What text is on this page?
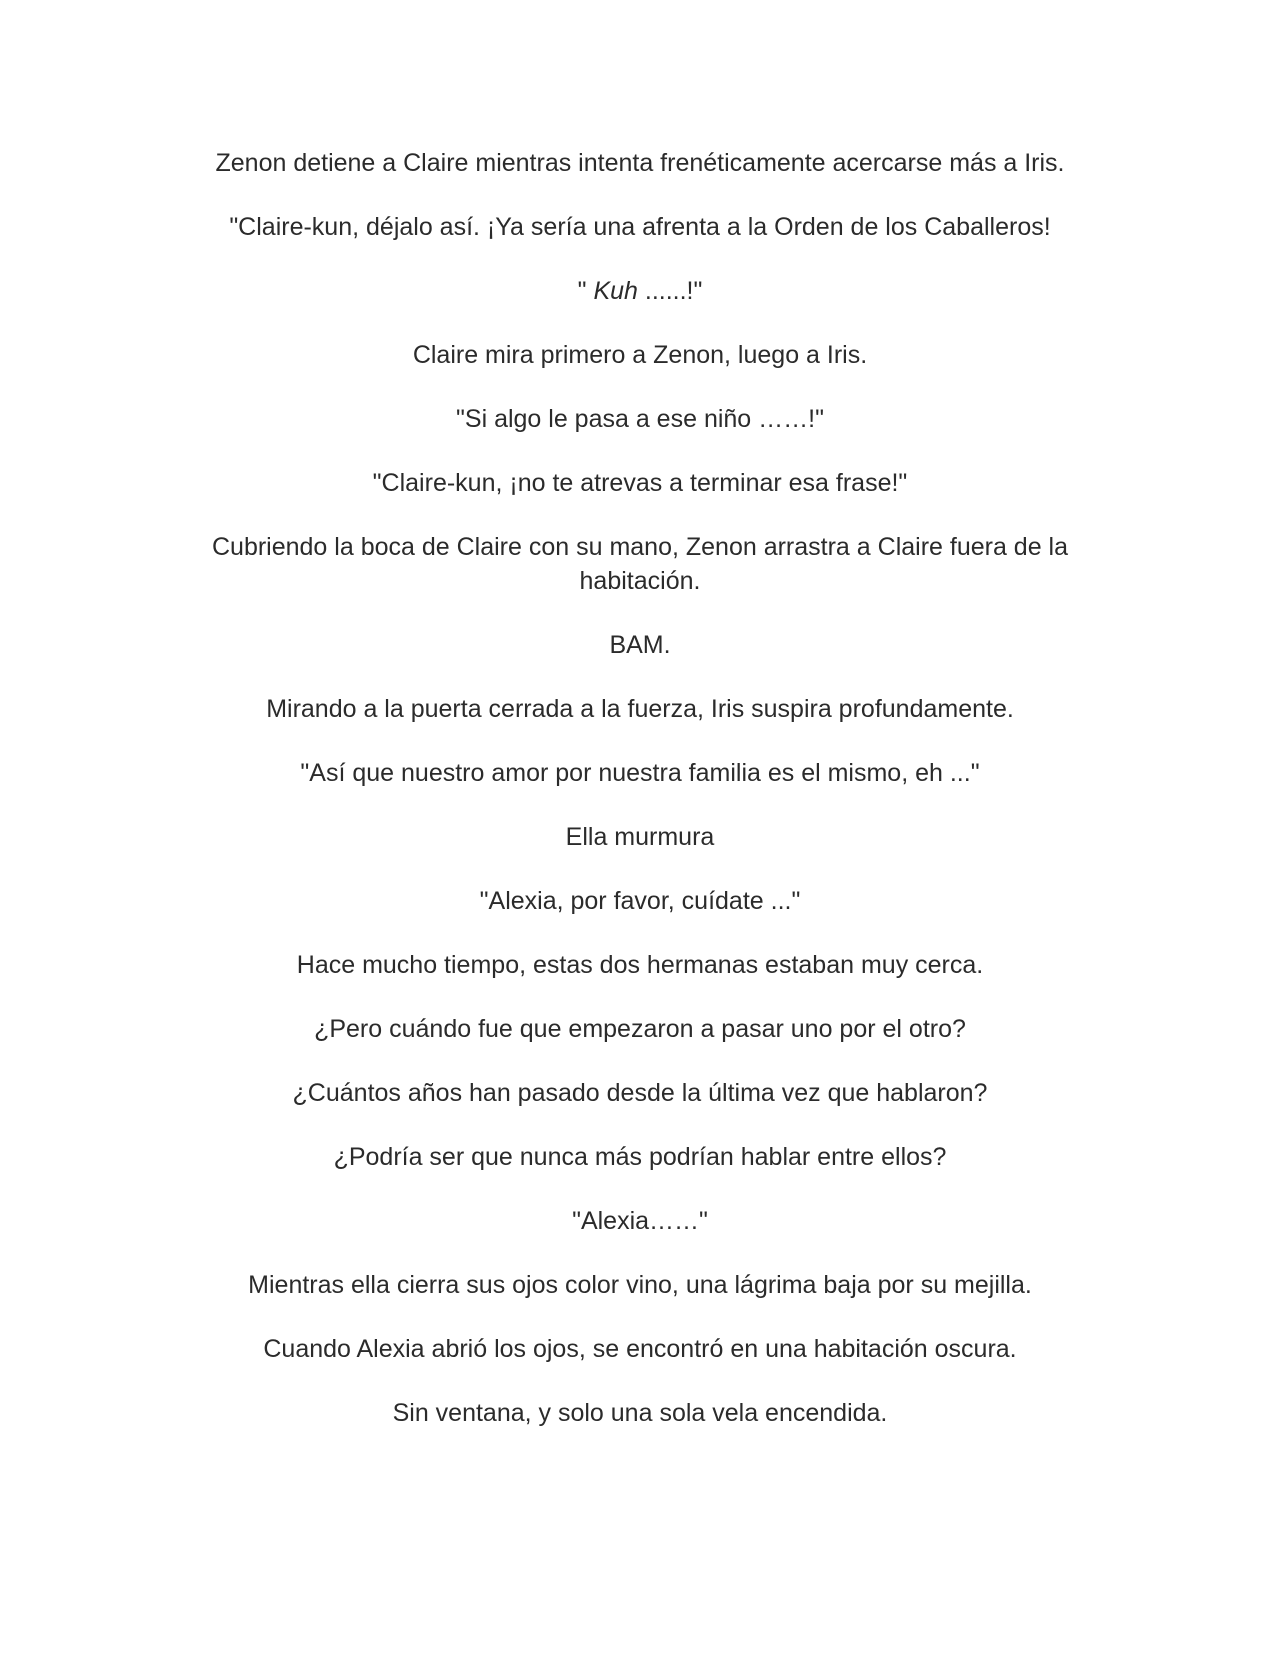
Zenon detiene a Claire mientras intenta frenéticamente acercarse más a Iris.

"Claire-kun, déjalo así. ¡Ya sería una afrenta a la Orden de los Caballeros!

" Kuh ......!"

Claire mira primero a Zenon, luego a Iris.

"Si algo le pasa a ese niño ……!"

"Claire-kun, ¡no te atrevas a terminar esa frase!"

Cubriendo la boca de Claire con su mano, Zenon arrastra a Claire fuera de la habitación.

BAM.

Mirando a la puerta cerrada a la fuerza, Iris suspira profundamente.

"Así que nuestro amor por nuestra familia es el mismo, eh ..."

Ella murmura

"Alexia, por favor, cuídate ..."

Hace mucho tiempo, estas dos hermanas estaban muy cerca.

¿Pero cuándo fue que empezaron a pasar uno por el otro?

¿Cuántos años han pasado desde la última vez que hablaron?

¿Podría ser que nunca más podrían hablar entre ellos?

"Alexia……"

Mientras ella cierra sus ojos color vino, una lágrima baja por su mejilla.

Cuando Alexia abrió los ojos, se encontró en una habitación oscura.

Sin ventana, y solo una sola vela encendida.
